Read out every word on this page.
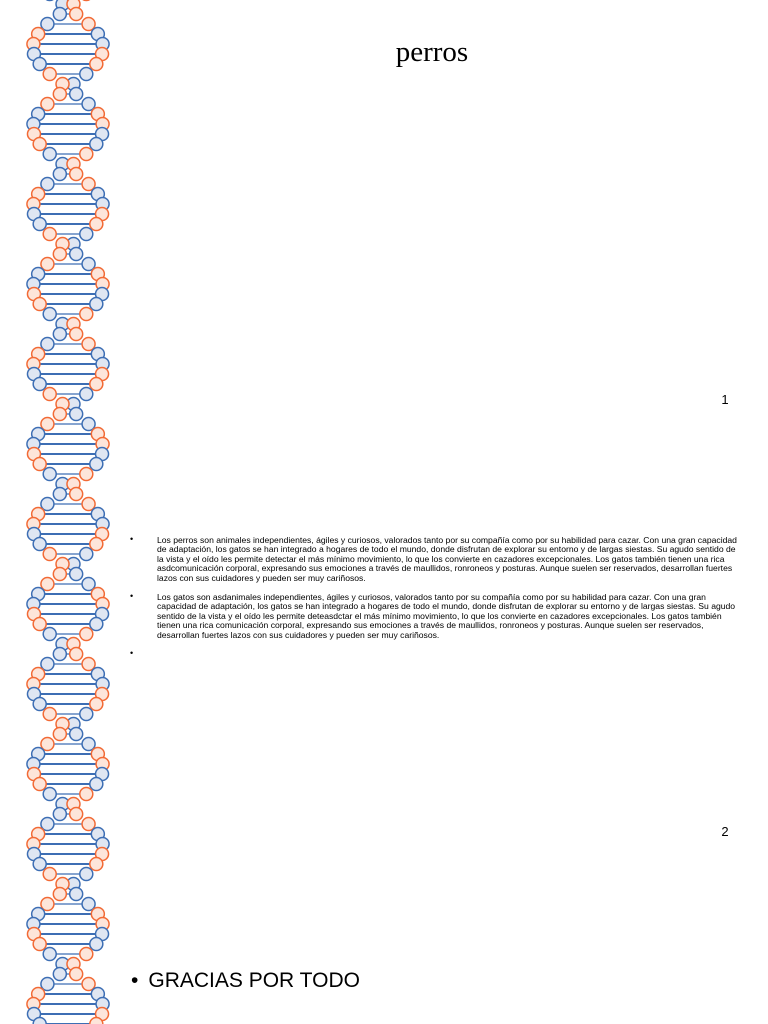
perros
1
2
•	Los perros son animales independientes, ágiles y curiosos, valorados tanto por su compañía como por su habilidad para cazar. Con una gran capacidad de adaptación, los gatos se han integrado a hogares de todo el mundo, donde disfrutan de explorar su entorno y de largas siestas. Su agudo sentido de la vista y el oído les permite detectar el más mínimo movimiento, lo que los convierte en cazadores excepcionales. Los gatos también tienen una rica asdcomunicación corporal, expresando sus emociones a través de maullidos, ronroneos y posturas. Aunque suelen ser reservados, desarrollan fuertes lazos con sus cuidadores y pueden ser muy cariñosos.
•	Los gatos son asdanimales independientes, ágiles y curiosos, valorados tanto por su compañía como por su habilidad para cazar. Con una gran capacidad de adaptación, los gatos se han integrado a hogares de todo el mundo, donde disfrutan de explorar su entorno y de largas siestas. Su agudo sentido de la vista y el oído les permite deteasdctar el más mínimo movimiento, lo que los convierte en cazadores excepcionales. Los gatos también tienen una rica comunicación corporal, expresando sus emociones a través de maullidos, ronroneos y posturas. Aunque suelen ser reservados, desarrollan fuertes lazos con sus cuidadores y pueden ser muy cariñosos.
•
• GRACIAS POR TODO
